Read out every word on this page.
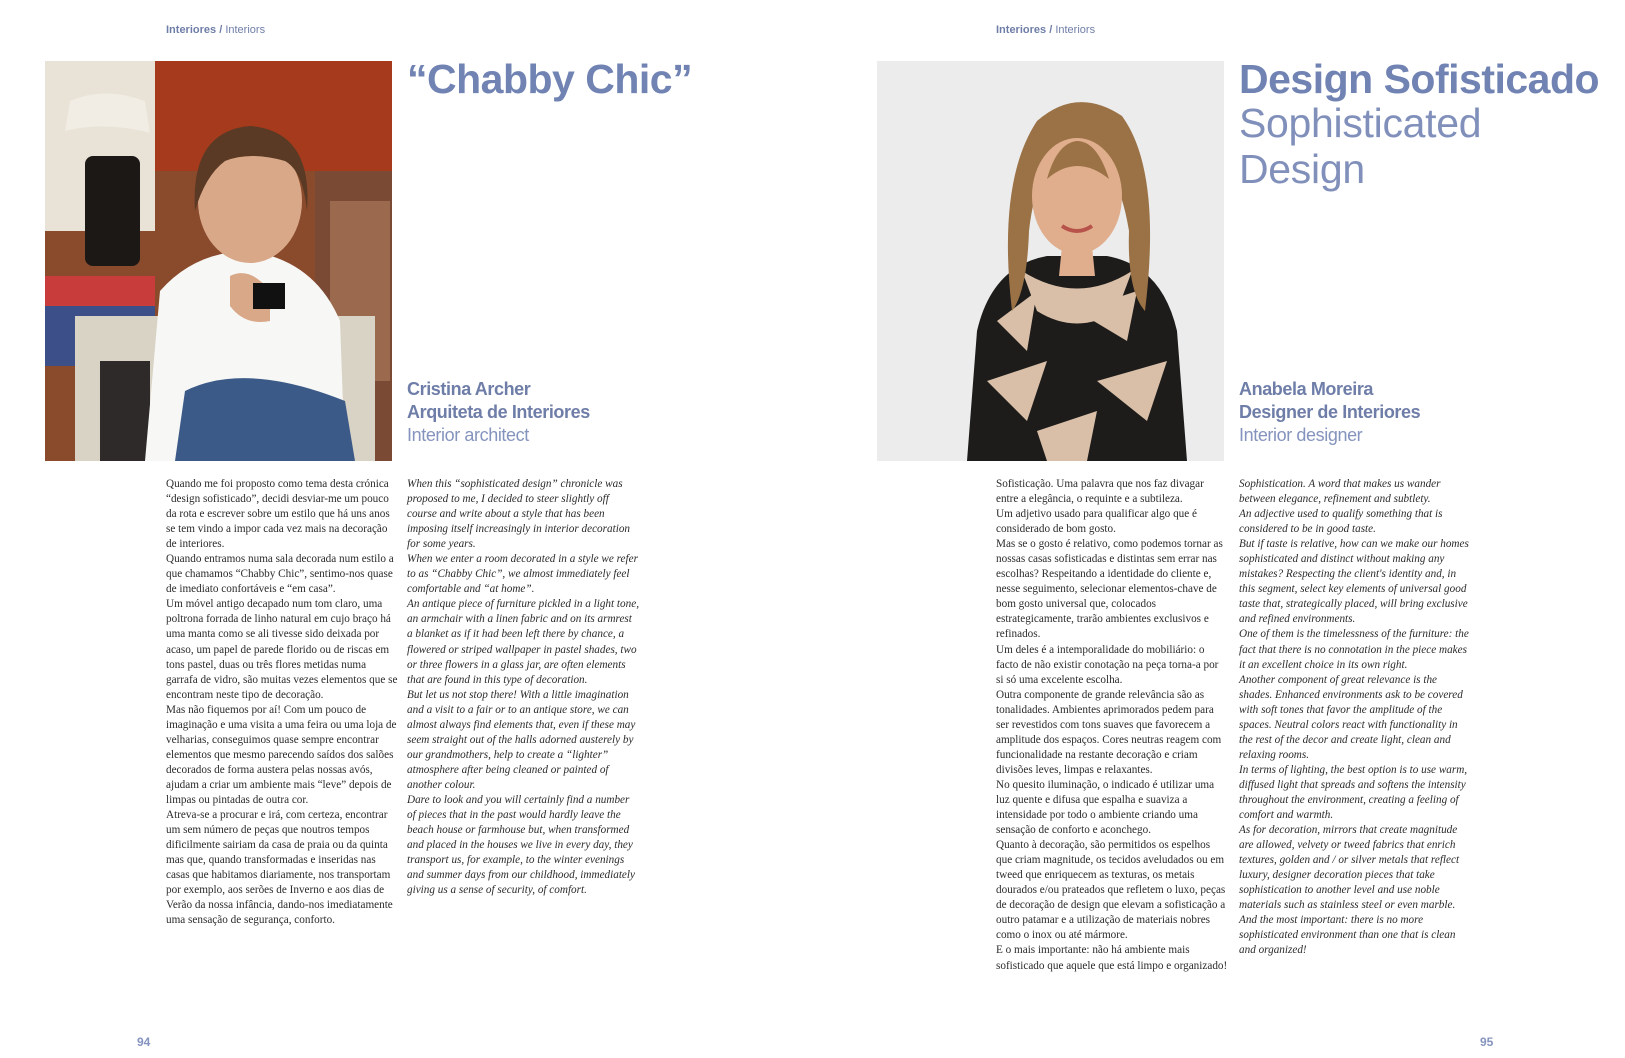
Interiores / Interiors
“Chabby Chic”
Cristina Archer
Arquiteta de Interiores
Interior architect

Quando me foi proposto como tema desta crónica “design sofisticado”, decidi desviar-me um pouco da rota e escrever sobre um estilo que há uns anos se tem vindo a impor cada vez mais na decoração de interiores.

Quando entramos numa sala decorada num estilo a que chamamos “Chabby Chic”, sentimo-nos quase de imediato confortáveis e “em casa”.

Um móvel antigo decapado num tom claro, uma poltrona forrada de linho natural em cujo braço há uma manta como se ali tivesse sido deixada por acaso, um papel de parede florido ou de riscas em tons pastel, duas ou três flores metidas numa garrafa de vidro, são muitas vezes elementos que se encontram neste tipo de decoração.

Mas não fiquemos por aí! Com um pouco de imaginação e uma visita a uma feira ou uma loja de velharias, conseguimos quase sempre encontrar elementos que mesmo parecendo saídos dos salões decorados de forma austera pelas nossas avós, ajudam a criar um ambiente mais “leve” depois de limpas ou pintadas de outra cor.

Atreva-se a procurar e irá, com certeza, encontrar um sem número de peças que noutros tempos dificilmente sairiam da casa de praia ou da quinta mas que, quando transformadas e inseridas nas casas que habitamos diariamente, nos transportam por exemplo, aos serões de Inverno e aos dias de Verão da nossa infância, dando-nos imediatamente uma sensação de segurança, conforto.

When this “sophisticated design” chronicle was proposed to me, I decided to steer slightly off course and write about a style that has been imposing itself increasingly in interior decoration for some years.

When we enter a room decorated in a style we refer to as “Chabby Chic”, we almost immediately feel comfortable and “at home”.

An antique piece of furniture pickled in a light tone, an armchair with a linen fabric and on its armrest a blanket as if it had been left there by chance, a flowered or striped wallpaper in pastel shades, two or three flowers in a glass jar, are often elements that are found in this type of decoration.

But let us not stop there! With a little imagination and a visit to a fair or to an antique store, we can almost always find elements that, even if these may seem straight out of the halls adorned austerely by our grandmothers, help to create a “lighter” atmosphere after being cleaned or painted of another colour.

Dare to look and you will certainly find a number of pieces that in the past would hardly leave the beach house or farmhouse but, when transformed and placed in the houses we live in every day, they transport us, for example, to the winter evenings and summer days from our childhood, immediately giving us a sense of security, of comfort.

94
Interiores / Interiors
Design Sofisticado
Sophisticated
Design
Anabela Moreira
Designer de Interiores
Interior designer

Sofisticação. Uma palavra que nos faz divagar entre a elegância, o requinte e a subtileza.

Um adjetivo usado para qualificar algo que é considerado de bom gosto.

Mas se o gosto é relativo, como podemos tornar as nossas casas sofisticadas e distintas sem errar nas escolhas? Respeitando a identidade do cliente e, nesse seguimento, selecionar elementos-chave de bom gosto universal que, colocados estrategicamente, trarão ambientes exclusivos e refinados.

Um deles é a intemporalidade do mobiliário: o facto de não existir conotação na peça torna-a por si só uma excelente escolha.

Outra componente de grande relevância são as tonalidades. Ambientes aprimorados pedem para ser revestidos com tons suaves que favorecem a amplitude dos espaços. Cores neutras reagem com funcionalidade na restante decoração e criam divisões leves, limpas e relaxantes.

No quesito iluminação, o indicado é utilizar uma luz quente e difusa que espalha e suaviza a intensidade por todo o ambiente criando uma sensação de conforto e aconchego.

Quanto à decoração, são permitidos os espelhos que criam magnitude, os tecidos aveludados ou em tweed que enriquecem as texturas, os metais dourados e/ou prateados que refletem o luxo, peças de decoração de design que elevam a sofisticação a outro patamar e a utilização de materiais nobres como o inox ou até mármore.

E o mais importante: não há ambiente mais sofisticado que aquele que está limpo e organizado!

Sophistication. A word that makes us wander between elegance, refinement and subtlety.

An adjective used to qualify something that is considered to be in good taste.

But if taste is relative, how can we make our homes sophisticated and distinct without making any mistakes? Respecting the client's identity and, in this segment, select key elements of universal good taste that, strategically placed, will bring exclusive and refined environments.

One of them is the timelessness of the furniture: the fact that there is no connotation in the piece makes it an excellent choice in its own right.

Another component of great relevance is the shades. Enhanced environments ask to be covered with soft tones that favor the amplitude of the spaces. Neutral colors react with functionality in the rest of the decor and create light, clean and relaxing rooms.

In terms of lighting, the best option is to use warm, diffused light that spreads and softens the intensity throughout the environment, creating a feeling of comfort and warmth.

As for decoration, mirrors that create magnitude are allowed, velvety or tweed fabrics that enrich textures, golden and / or silver metals that reflect luxury, designer decoration pieces that take sophistication to another level and use noble materials such as stainless steel or even marble.

And the most important: there is no more sophisticated environment than one that is clean and organized!

95
